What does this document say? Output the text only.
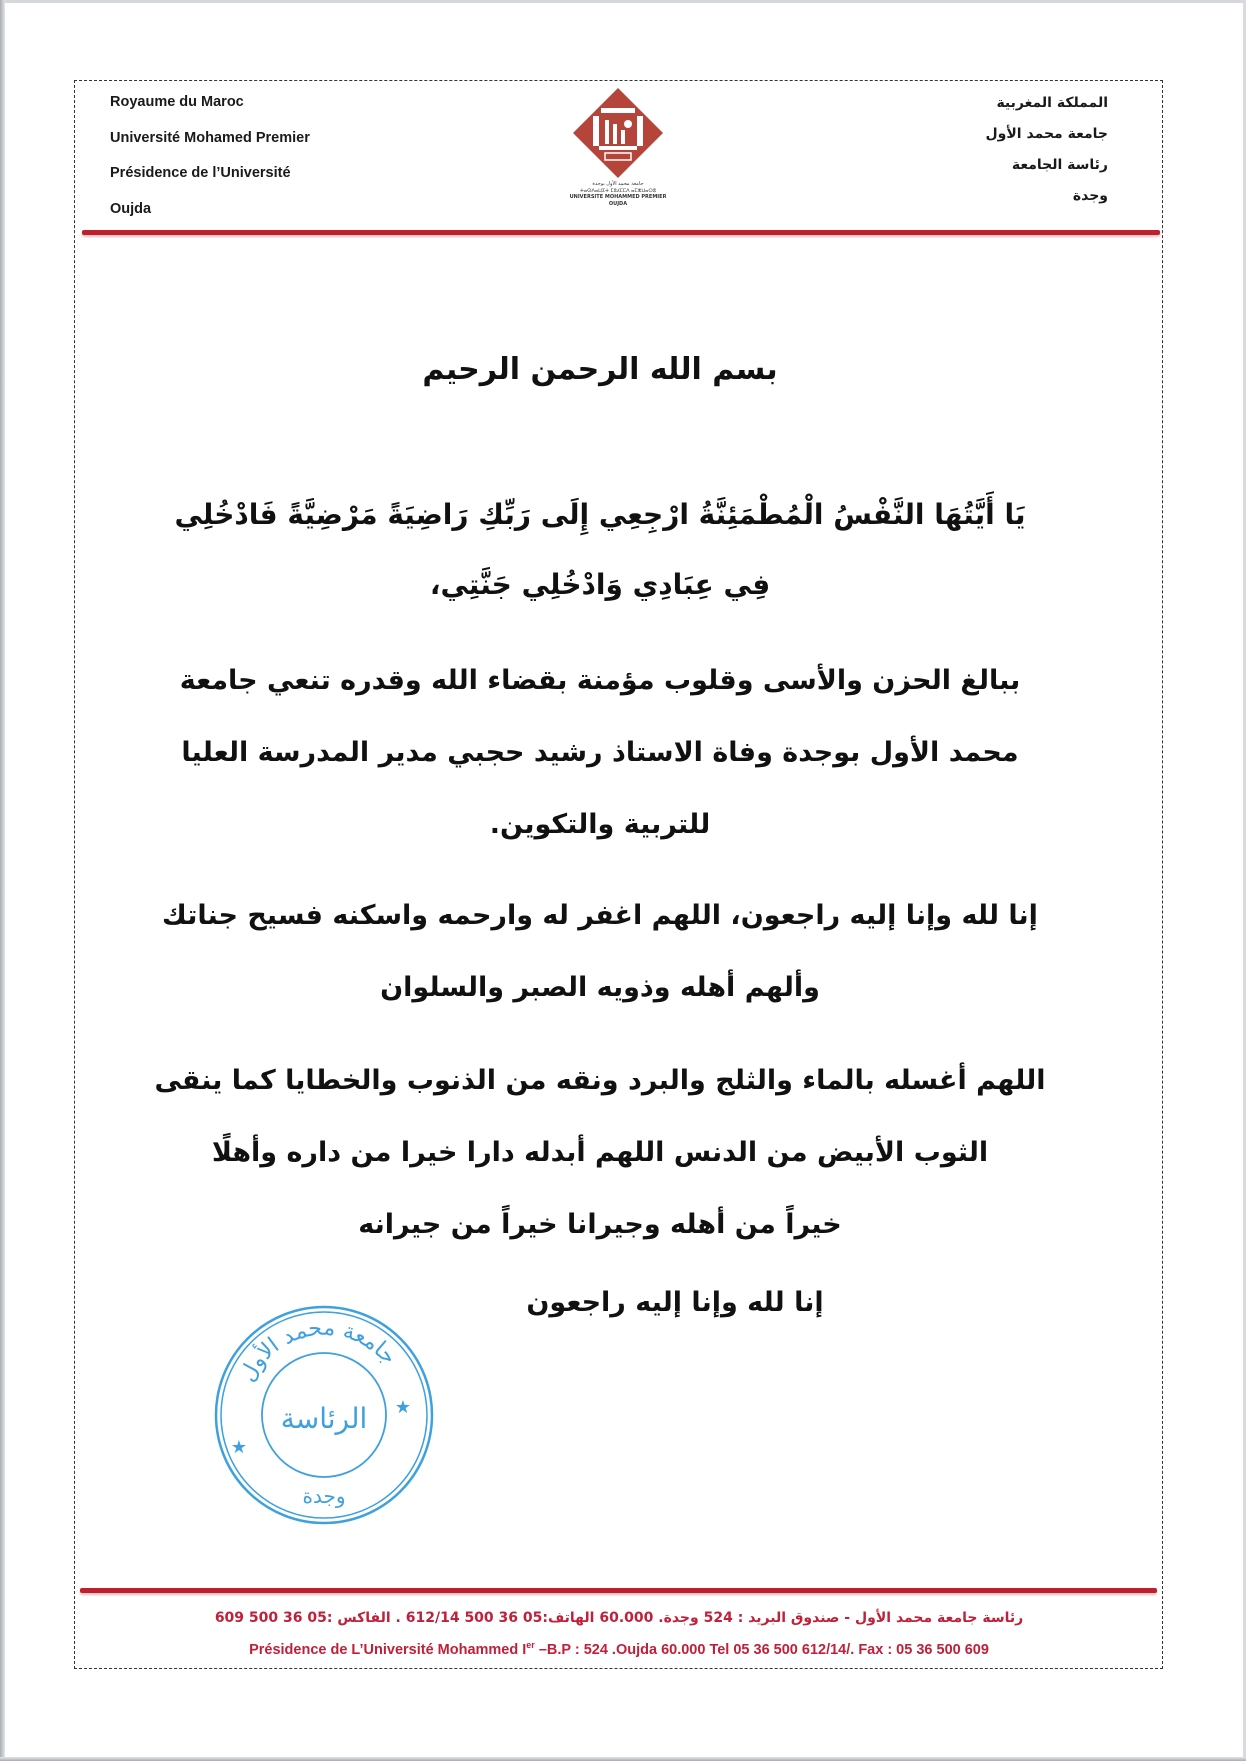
Royaume du Maroc
Université Mohamed Premier
Présidence de l’Université
Oujda
جامعة محمد الأول بوجدة
ⵜⴰⵙⴷⴰⵡⵉⵜ ⵎⵓⵃⵎⵎⴷ ⴰⵎⵣⵡⴰⵔⵓ
UNIVERSITE MOHAMMED PREMIER OUJDA
المملكة المغربية
جامعة محمد الأول
رئاسة الجامعة
وجدة
بسم الله الرحمن الرحيم
يَا أَيَّتُهَا النَّفْسُ الْمُطْمَئِنَّةُ ارْجِعِي إِلَى رَبِّكِ رَاضِيَةً مَرْضِيَّةً فَادْخُلِي
فِي عِبَادِي وَادْخُلِي جَنَّتِي،
ببالغ الحزن والأسى وقلوب مؤمنة بقضاء الله وقدره تنعي جامعة
محمد الأول بوجدة وفاة الاستاذ رشيد حجبي مدير المدرسة العليا
للتربية والتكوين.
إنا لله وإنا إليه راجعون، اللهم اغفر له وارحمه واسكنه فسيح جناتك
وألهم أهله وذويه الصبر والسلوان
اللهم أغسله بالماء والثلج والبرد ونقه من الذنوب والخطايا كما ينقى
الثوب الأبيض من الدنس اللهم أبدله دارا خيرا من داره وأهلًا
خيراً من أهله وجيرانا خيراً من جيرانه
إنا لله وإنا إليه راجعون
جامعة محمد الأول
الرئاسة
وجدة
★
★
رئاسة جامعة محمد الأول - صندوق البريد : 524 وجدة. 60.000 الهاتف:05 36 500 612/14 . الفاكس :05 36 500 609
Présidence de L’Université Mohammed Ier –B.P : 524 .Oujda 60.000 Tel 05 36 500 612/14/. Fax : 05 36 500 609
